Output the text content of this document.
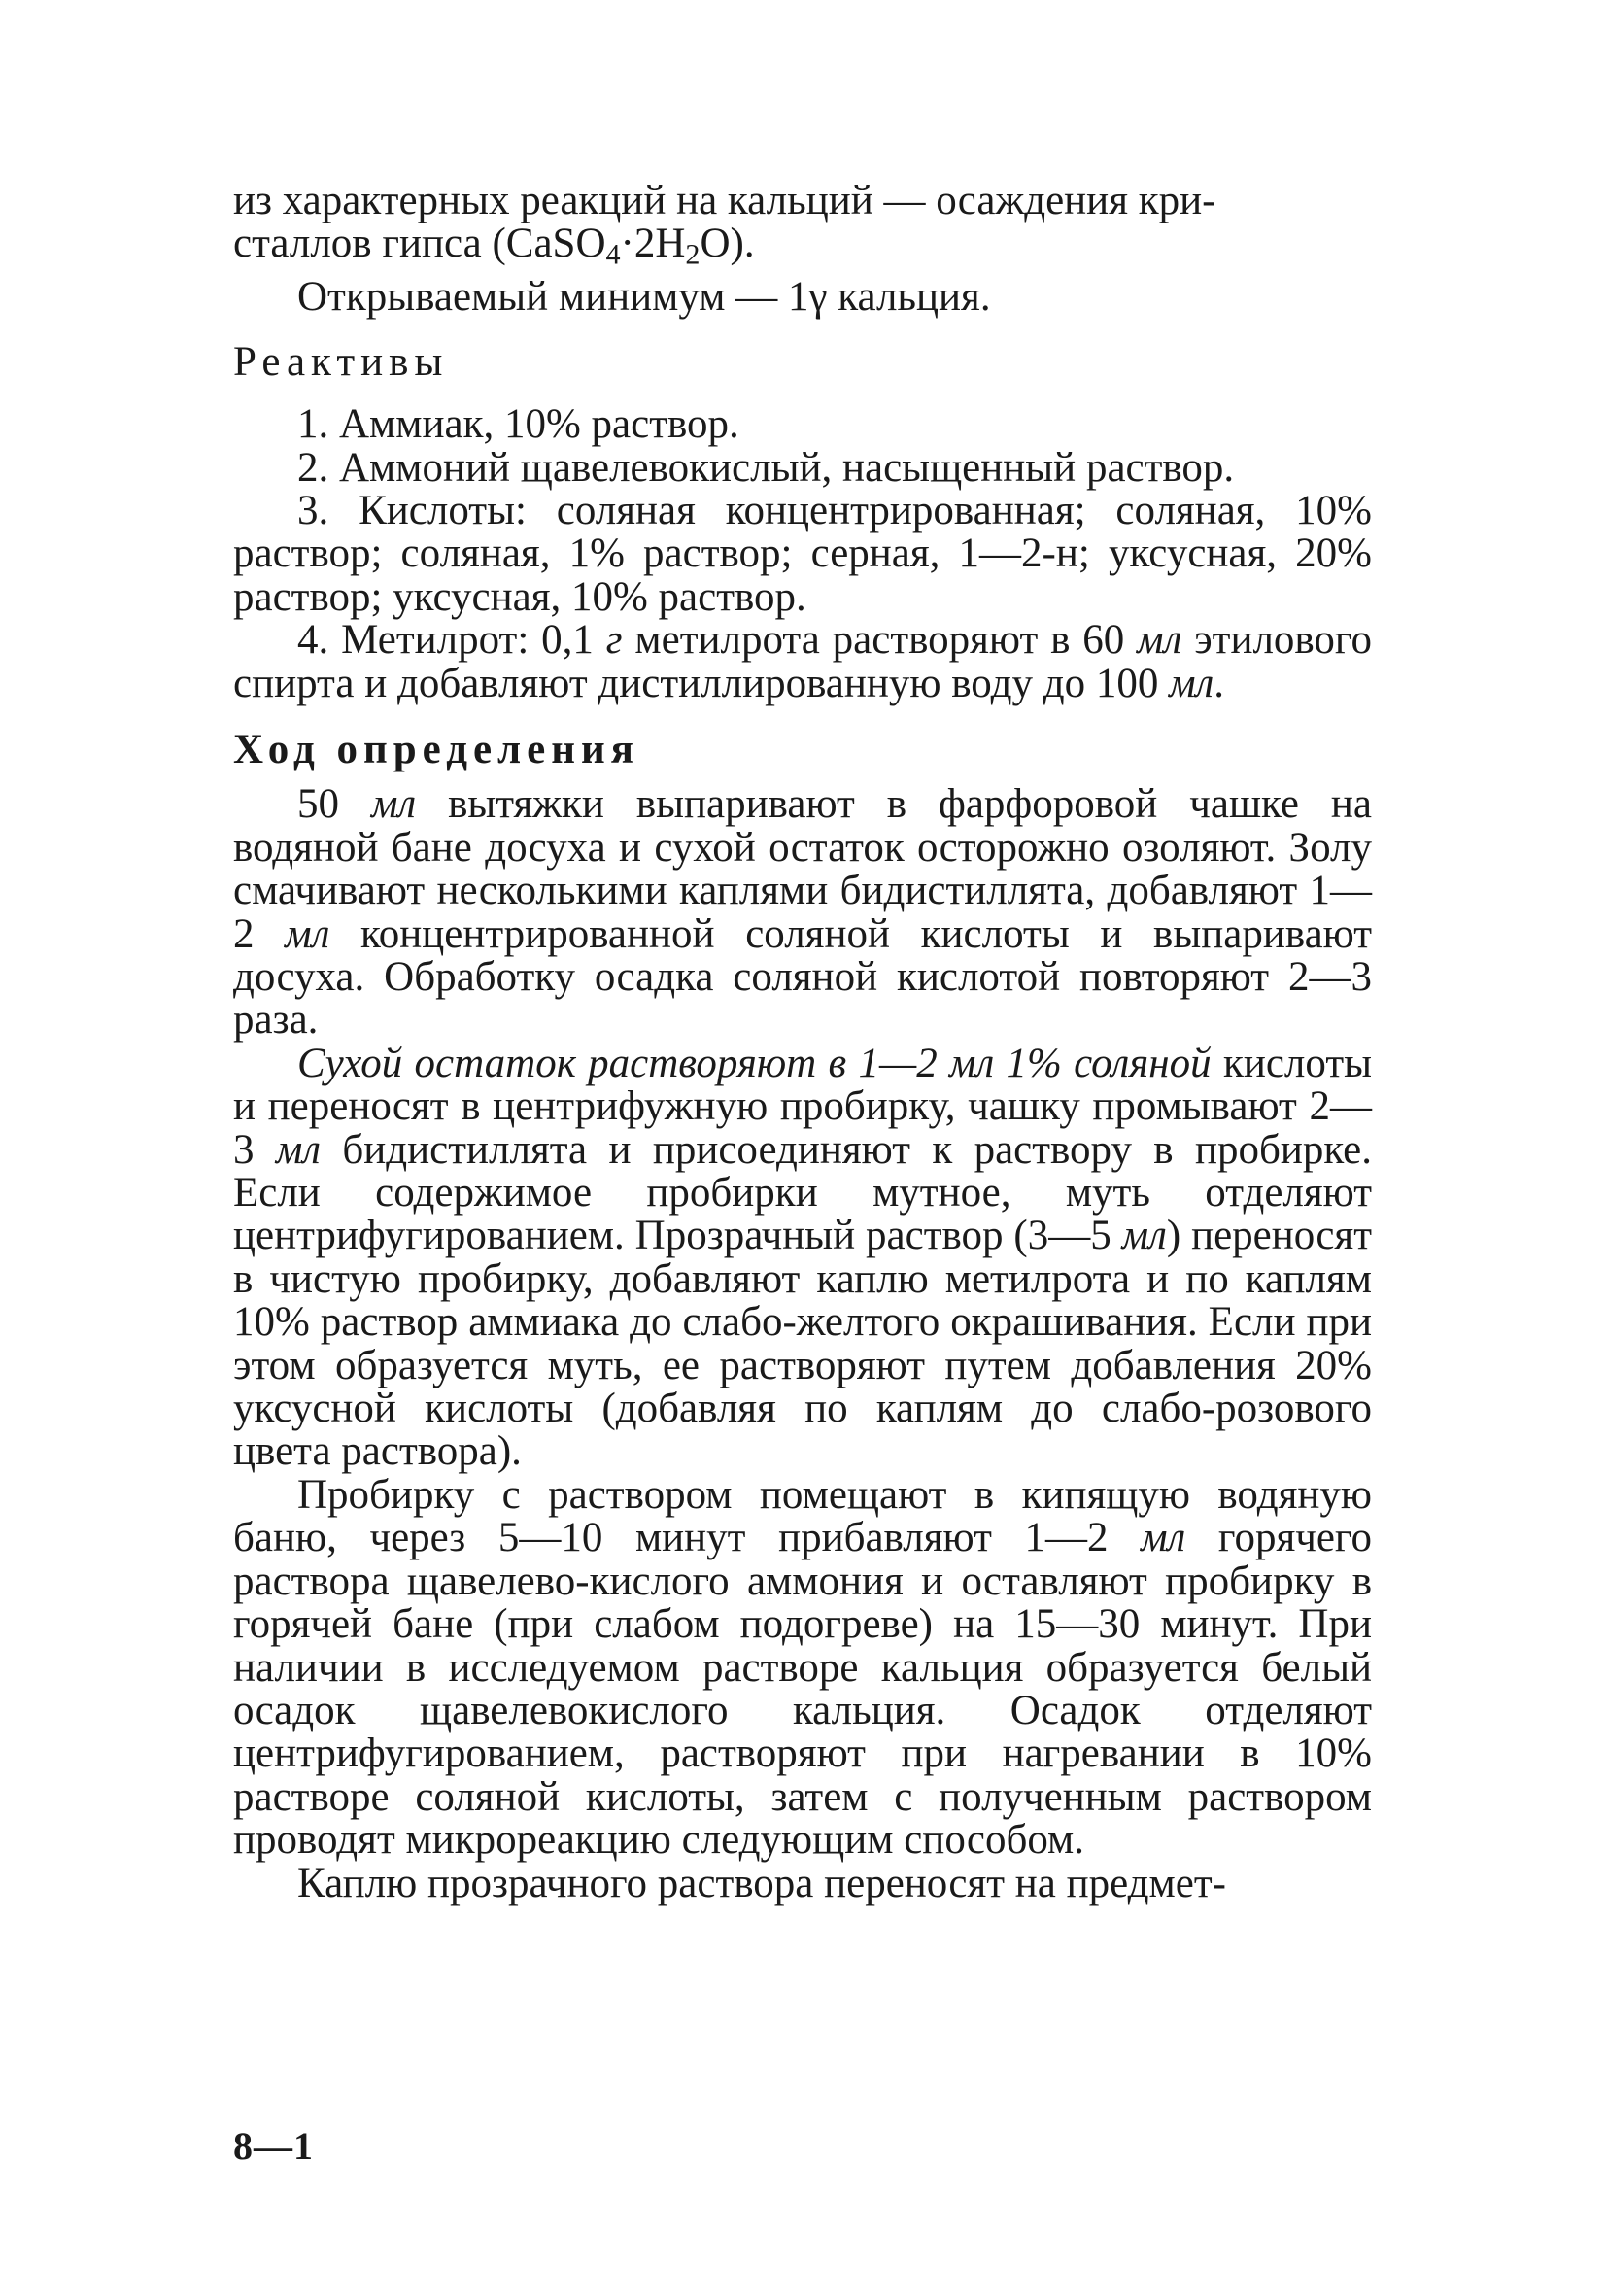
из характерных реакций на кальций — осаждения кри-
сталлов гипса (CaSO4·2H2O).

Открываемый минимум — 1γ кальция.

Реактивы

1. Аммиак, 10% раствор.

2. Аммоний щавелевокислый, насыщенный раствор.

3. Кислоты: соляная концентрированная; соляная, 10% раствор; соляная, 1% раствор; серная, 1—2-н; уксусная, 20% раствор; уксусная, 10% раствор.

4. Метилрот: 0,1 г метилрота растворяют в 60 мл этилового спирта и добавляют дистиллированную воду до 100 мл.

Ход определения

50 мл вытяжки выпаривают в фарфоровой чашке на водяной бане досуха и сухой остаток осторожно озоляют. Золу смачивают несколькими каплями бидистиллята, добавляют 1—2 мл концентрированной соляной кислоты и выпаривают досуха. Обработку осадка соляной кислотой повторяют 2—3 раза.

Сухой остаток растворяют в 1—2 мл 1% соляной кислоты и переносят в центрифужную пробирку, чашку промывают 2—3 мл бидистиллята и присоединяют к раствору в пробирке. Если содержимое пробирки мутное, муть отделяют центрифугированием. Прозрачный раствор (3—5 мл) переносят в чистую пробирку, добавляют каплю метилрота и по каплям 10% раствор аммиака до слабо-желтого окрашивания. Если при этом образуется муть, ее растворяют путем добавления 20% уксусной кислоты (добавляя по каплям до слабо-розового цвета раствора).

Пробирку с раствором помещают в кипящую водяную баню, через 5—10 минут прибавляют 1—2 мл горячего раствора щавелево-кислого аммония и оставляют пробирку в горячей бане (при слабом подогреве) на 15—30 минут. При наличии в исследуемом растворе кальция образуется белый осадок щавелевокислого кальция. Осадок отделяют центрифугированием, растворяют при нагревании в 10% растворе соляной кислоты, затем с полученным раствором проводят микрореакцию следующим способом.

Каплю прозрачного раствора переносят на предмет-

8—1
